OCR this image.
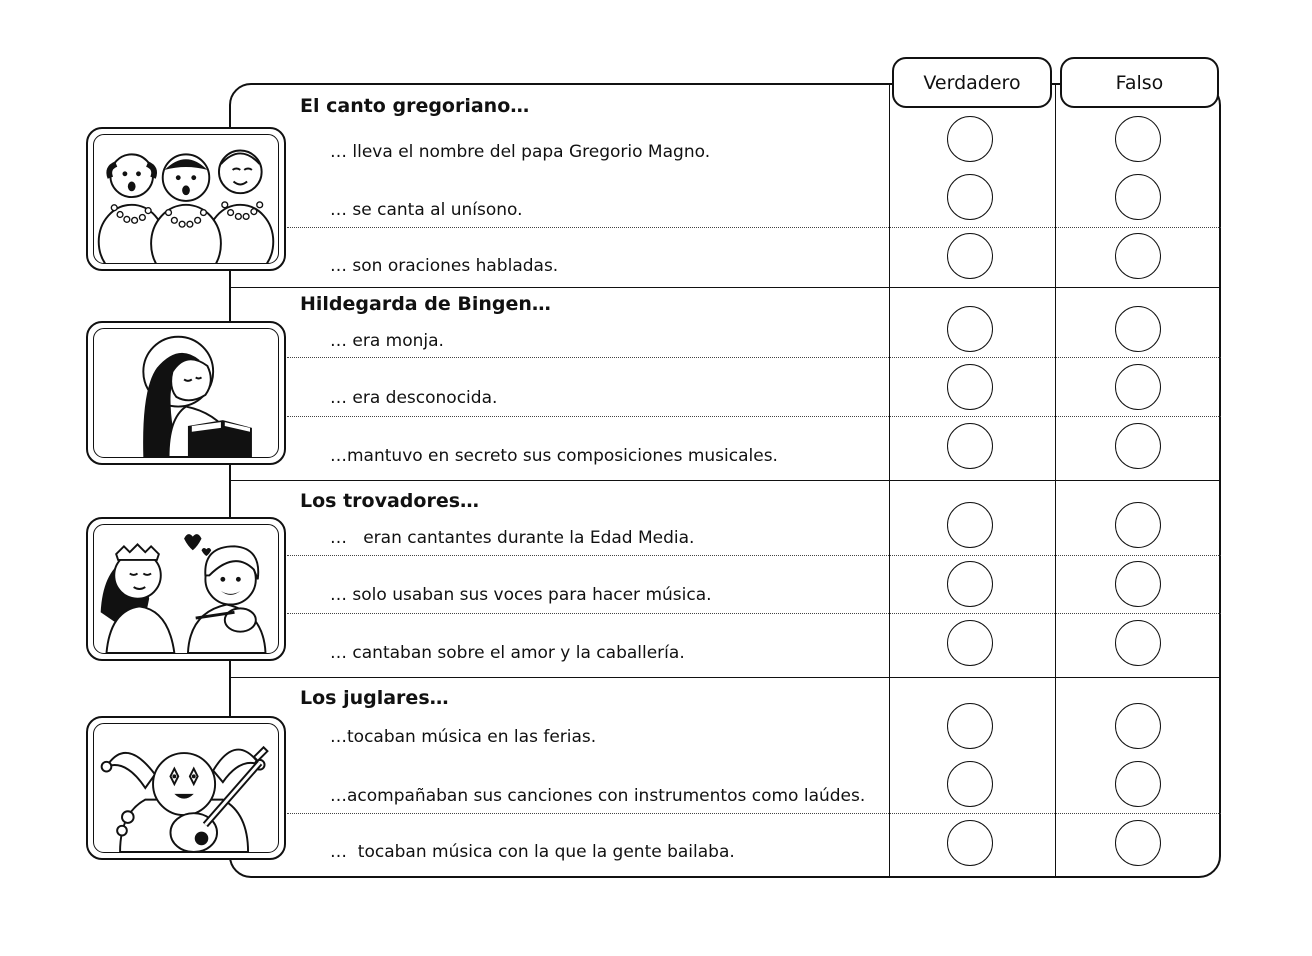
Verdadero	Falso
El canto gregoriano…
… lleva el nombre del papa Gregorio Magno.
… se canta al unísono.
… son oraciones habladas.
Hildegarda de Bingen…
… era monja.
… era desconocida.
…mantuvo en secreto sus composiciones musicales.
Los trovadores…
…   eran cantantes durante la Edad Media.
… solo usaban sus voces para hacer música.
… cantaban sobre el amor y la caballería.
Los juglares…
…tocaban música en las ferias.
…acompañaban sus canciones con instrumentos como laúdes.
…  tocaban música con la que la gente bailaba.
